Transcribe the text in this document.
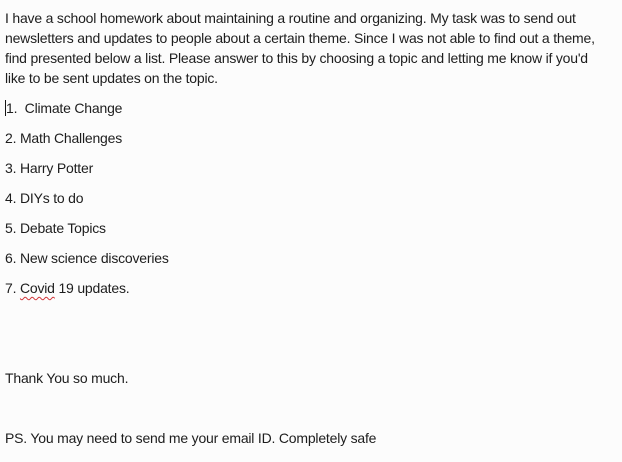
I have a school homework about maintaining a routine and organizing. My task was to send out
newsletters and updates to people about a certain theme. Since I was not able to find out a theme,
find presented below a list. Please answer to this by choosing a topic and letting me know if you'd
like to be sent updates on the topic.
1.  Climate Change
2. Math Challenges
3. Harry Potter
4. DIYs to do
5. Debate Topics
6. New science discoveries
7. Covid 19 updates.
Thank You so much.
PS. You may need to send me your email ID. Completely safe
